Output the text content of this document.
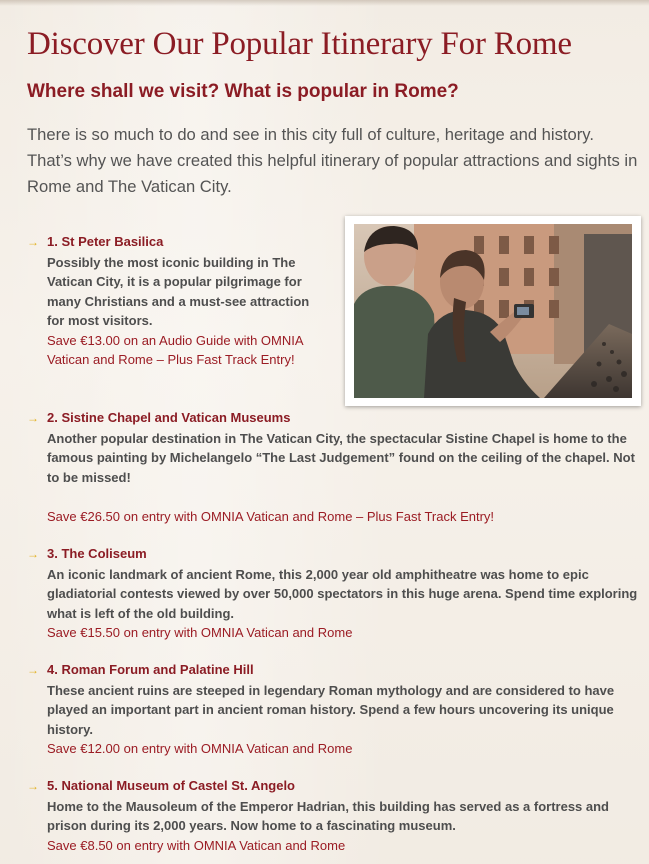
Discover Our Popular Itinerary For Rome
Where shall we visit? What is popular in Rome?

There is so much to do and see in this city full of culture, heritage and history. That’s why we have created this helpful itinerary of popular attractions and sights in Rome and The Vatican City.

→ 1. St Peter Basilica

Possibly the most iconic building in The Vatican City, it is a popular pilgrimage for many Christians and a must-see attraction for most visitors.

Save €13.00 on an Audio Guide with OMNIA Vatican and Rome – Plus Fast Track Entry!

→ 2. Sistine Chapel and Vatican Museums

Another popular destination in The Vatican City, the spectacular Sistine Chapel is home to the famous painting by Michelangelo “The Last Judgement” found on the ceiling of the chapel. Not to be missed!

Save €26.50 on entry with OMNIA Vatican and Rome – Plus Fast Track Entry!

→ 3. The Coliseum

An iconic landmark of ancient Rome, this 2,000 year old amphitheatre was home to epic gladiatorial contests viewed by over 50,000 spectators in this huge arena. Spend time exploring what is left of the old building.

Save €15.50 on entry with OMNIA Vatican and Rome

→ 4. Roman Forum and Palatine Hill

These ancient ruins are steeped in legendary Roman mythology and are considered to have played an important part in ancient roman history. Spend a few hours uncovering its unique history.

Save €12.00 on entry with OMNIA Vatican and Rome

→ 5. National Museum of Castel St. Angelo

Home to the Mausoleum of the Emperor Hadrian, this building has served as a fortress and prison during its 2,000 years. Now home to a fascinating museum.

Save €8.50 on entry with OMNIA Vatican and Rome
